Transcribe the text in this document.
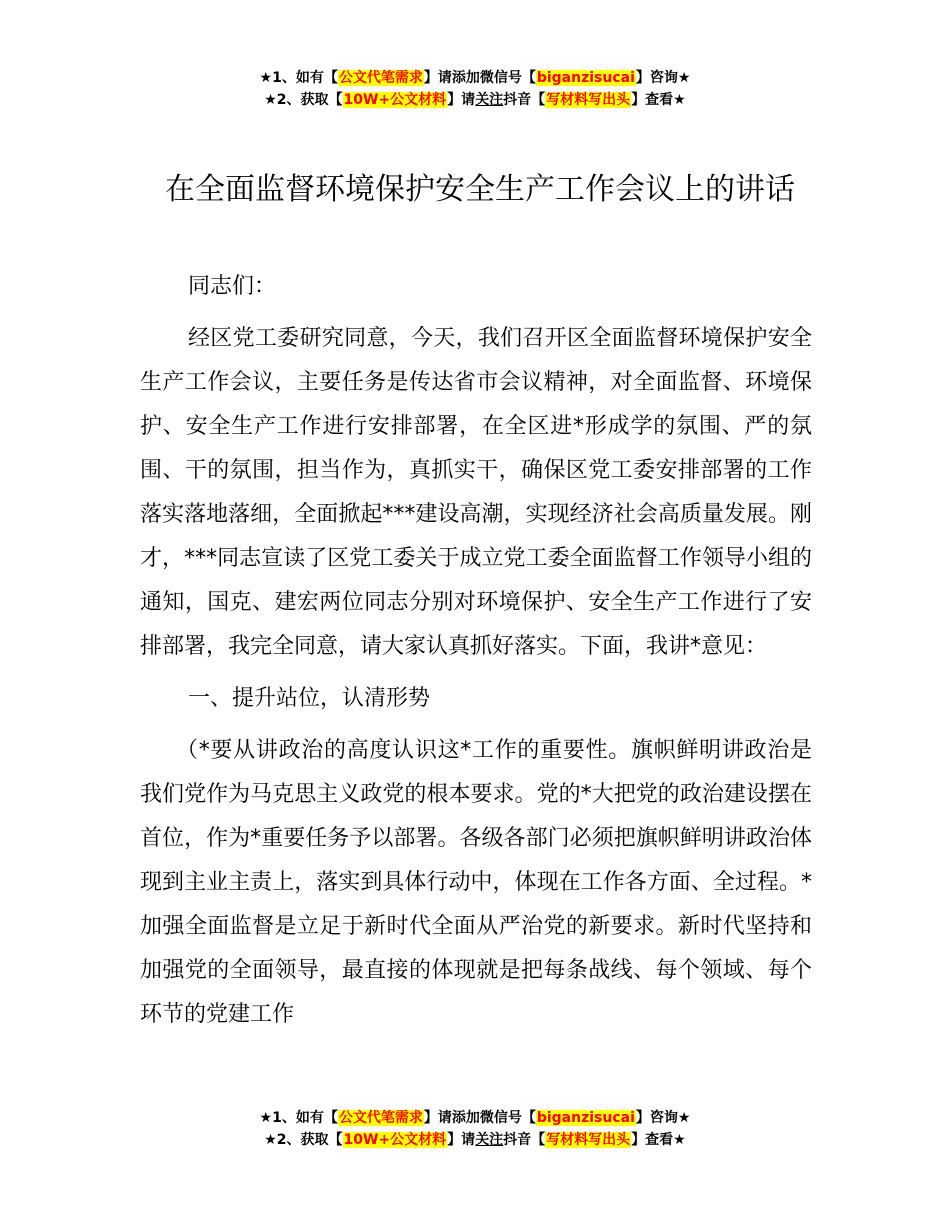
★1、如有【公文代笔需求】请添加微信号【biganzisucai】咨询★
★2、获取【10W+公文材料】请关注抖音【写材料写出头】查看★
在全面监督环境保护安全生产工作会议上的讲话

同志们：

经区党工委研究同意，今天，我们召开区全面监督环境保护安全生产工作会议，主要任务是传达省市会议精神，对全面监督、环境保护、安全生产工作进行安排部署，在全区进*形成学的氛围、严的氛围、干的氛围，担当作为，真抓实干，确保区党工委安排部署的工作落实落地落细，全面掀起***建设高潮，实现经济社会高质量发展。刚才，***同志宣读了区党工委关于成立党工委全面监督工作领导小组的通知，国克、建宏两位同志分别对环境保护、安全生产工作进行了安排部署，我完全同意，请大家认真抓好落实。下面，我讲*意见：

一、提升站位，认清形势

（*要从讲政治的高度认识这*工作的重要性。旗帜鲜明讲政治是我们党作为马克思主义政党的根本要求。党的*大把党的政治建设摆在首位，作为*重要任务予以部署。各级各部门必须把旗帜鲜明讲政治体现到主业主责上，落实到具体行动中，体现在工作各方面、全过程。*加强全面监督是立足于新时代全面从严治党的新要求。新时代坚持和加强党的全面领导，最直接的体现就是把每条战线、每个领域、每个环节的党建工作

★1、如有【公文代笔需求】请添加微信号【biganzisucai】咨询★
★2、获取【10W+公文材料】请关注抖音【写材料写出头】查看★
